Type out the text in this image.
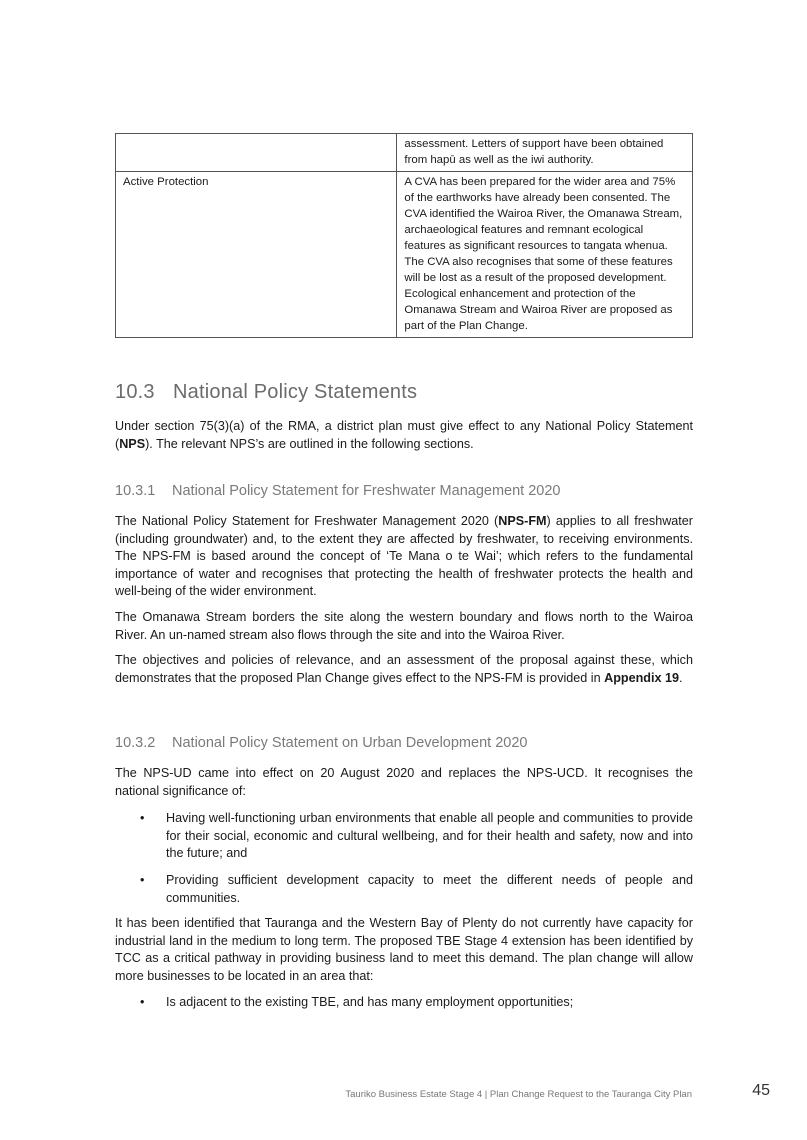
	assessment. Letters of support have been obtained from hapū as well as the iwi authority.
Active Protection	A CVA has been prepared for the wider area and 75% of the earthworks have already been consented. The CVA identified the Wairoa River, the Omanawa Stream, archaeological features and remnant ecological features as significant resources to tangata whenua. The CVA also recognises that some of these features will be lost as a result of the proposed development. Ecological enhancement and protection of the Omanawa Stream and Wairoa River are proposed as part of the Plan Change.
10.3 National Policy Statements

Under section 75(3)(a) of the RMA, a district plan must give effect to any National Policy Statement (NPS). The relevant NPS’s are outlined in the following sections.

10.3.1 National Policy Statement for Freshwater Management 2020

The National Policy Statement for Freshwater Management 2020 (NPS-FM) applies to all freshwater (including groundwater) and, to the extent they are affected by freshwater, to receiving environments. The NPS-FM is based around the concept of ‘Te Mana o te Wai’; which refers to the fundamental importance of water and recognises that protecting the health of freshwater protects the health and well-being of the wider environment.

The Omanawa Stream borders the site along the western boundary and flows north to the Wairoa River. An un-named stream also flows through the site and into the Wairoa River.

The objectives and policies of relevance, and an assessment of the proposal against these, which demonstrates that the proposed Plan Change gives effect to the NPS-FM is provided in Appendix 19.

10.3.2 National Policy Statement on Urban Development 2020

The NPS-UD came into effect on 20 August 2020 and replaces the NPS-UCD. It recognises the national significance of:

• Having well-functioning urban environments that enable all people and communities to provide for their social, economic and cultural wellbeing, and for their health and safety, now and into the future; and
• Providing sufficient development capacity to meet the different needs of people and communities.

It has been identified that Tauranga and the Western Bay of Plenty do not currently have capacity for industrial land in the medium to long term. The proposed TBE Stage 4 extension has been identified by TCC as a critical pathway in providing business land to meet this demand. The plan change will allow more businesses to be located in an area that:

• Is adjacent to the existing TBE, and has many employment opportunities;
Tauriko Business Estate Stage 4 | Plan Change Request to the Tauranga City Plan	45
